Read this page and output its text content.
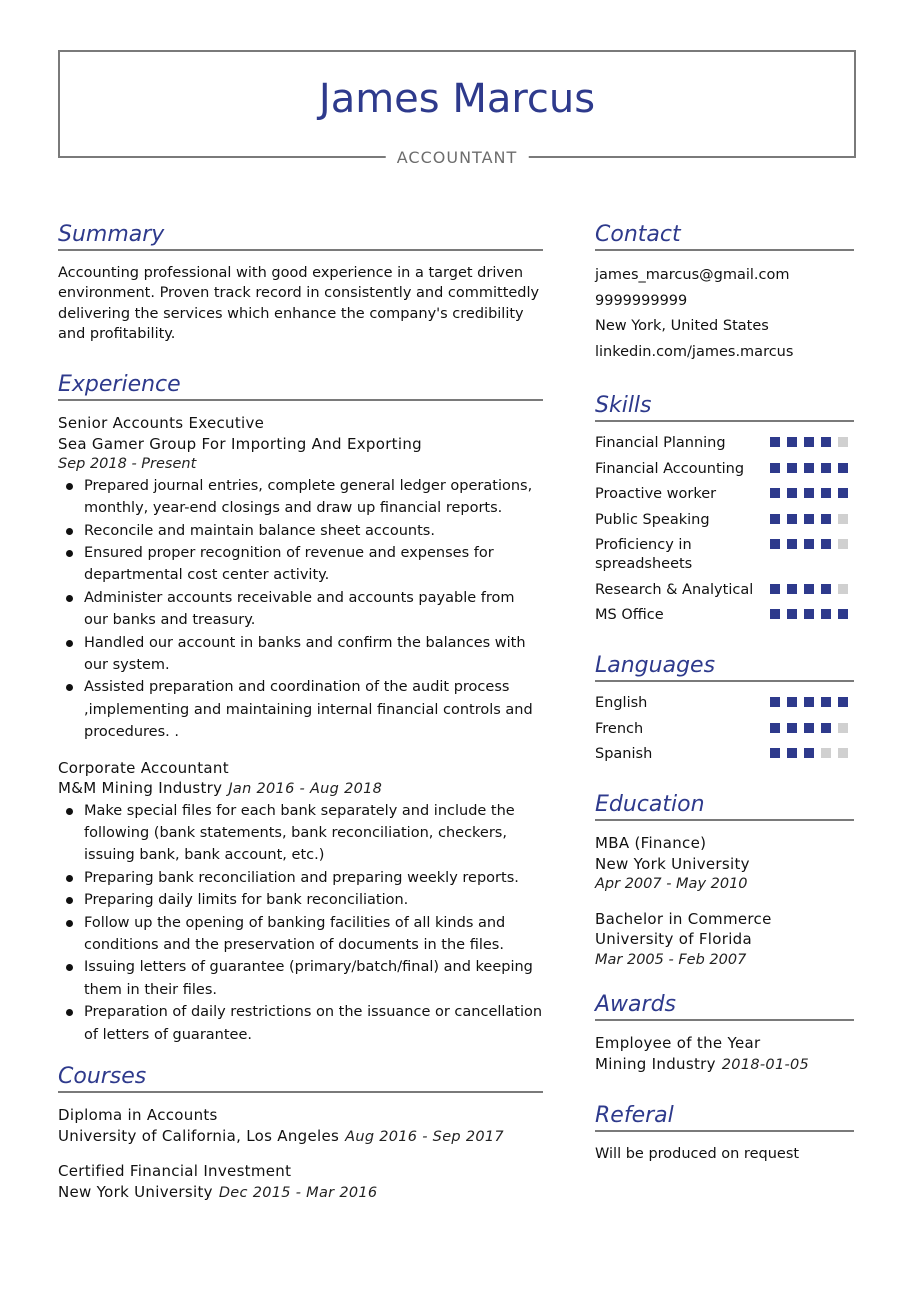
James Marcus
ACCOUNTANT
Summary

Accounting professional with good experience in a target driven environment. Proven track record in consistently and committedly delivering the services which enhance the company's credibility and profitability.

Experience
Senior Accounts Executive
Sea Gamer Group For Importing And Exporting
Sep 2018 - Present
Prepared journal entries, complete general ledger operations, monthly, year-end closings and draw up financial reports.
Reconcile and maintain balance sheet accounts.
Ensured proper recognition of revenue and expenses for departmental cost center activity.
Administer accounts receivable and accounts payable from our banks and treasury.
Handled our account in banks and confirm the balances with our system.
Assisted preparation and coordination of the audit process ,implementing and maintaining internal financial controls and procedures. .
Corporate Accountant
M&M Mining Industry Jan 2016 - Aug 2018
Make special files for each bank separately and include the following (bank statements, bank reconciliation, checkers, issuing bank, bank account, etc.)
Preparing bank reconciliation and preparing weekly reports.
Preparing daily limits for bank reconciliation.
Follow up the opening of banking facilities of all kinds and conditions and the preservation of documents in the files.
Issuing letters of guarantee (primary/batch/final) and keeping them in their files.
Preparation of daily restrictions on the issuance or cancellation of letters of guarantee.
Courses
Diploma in Accounts
University of California, Los Angeles Aug 2016 - Sep 2017
Certified Financial Investment
New York University Dec 2015 - Mar 2016
Contact
james_marcus@gmail.com
9999999999
New York, United States
linkedin.com/james.marcus
Skills
Financial Planning
Financial Accounting
Proactive worker
Public Speaking
Proficiency in spreadsheets
Research & Analytical
MS Office
Languages
English
French
Spanish
Education
MBA (Finance)
New York University
Apr 2007 - May 2010
Bachelor in Commerce
University of Florida
Mar 2005 - Feb 2007
Awards
Employee of the Year
Mining Industry 2018-01-05
Referal

Will be produced on request
